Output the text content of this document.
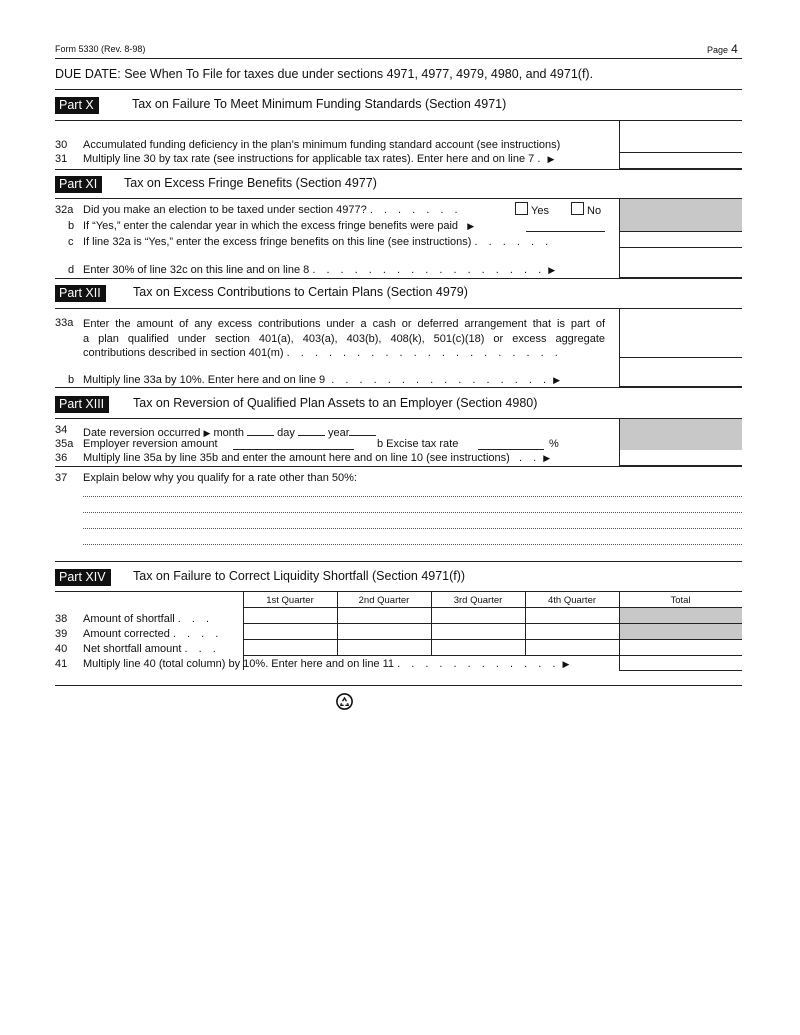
Form 5330 (Rev. 8-98)	Page 4
DUE DATE: See When To File for taxes due under sections 4971, 4977, 4979, 4980, and 4971(f).
Part X	Tax on Failure To Meet Minimum Funding Standards (Section 4971)
30 Accumulated funding deficiency in the plan’s minimum funding standard account (see instructions)
31 Multiply line 30 by tax rate (see instructions for applicable tax rates). Enter here and on line 7 . ▶
Part XI	Tax on Excess Fringe Benefits (Section 4977)
32a Did you make an election to be taxed under section 4977? . . . . . . .	Yes	No
b If “Yes,” enter the calendar year in which the excess fringe benefits were paid ▶
c If line 32a is “Yes,” enter the excess fringe benefits on this line (see instructions) . . . . . .
d Enter 30% of line 32c on this line and on line 8 . . . . . . . . . . . . . . . . . ▶
Part XII	Tax on Excess Contributions to Certain Plans (Section 4979)
33a Enter the amount of any excess contributions under a cash or deferred arrangement that is part of
a plan qualified under section 401(a), 403(a), 403(b), 408(k), 501(c)(18) or excess aggregate
contributions described in section 401(m) . . . . . . . . . . . . . . . . . . . .
b Multiply line 33a by 10%. Enter here and on line 9 . . . . . . . . . . . . . . . . ▶
Part XIII	Tax on Reversion of Qualified Plan Assets to an Employer (Section 4980)
34 Date reversion occurred ▶ month	day	year
35a Employer reversion amount	b Excise tax rate	%
36 Multiply line 35a by line 35b and enter the amount here and on line 10 (see instructions) . . ▶
37 Explain below why you qualify for a rate other than 50%:
Part XIV	Tax on Failure to Correct Liquidity Shortfall (Section 4971(f))
1st Quarter	2nd Quarter	3rd Quarter	4th Quarter	Total
38 Amount of shortfall . . .
39 Amount corrected . . . .
40 Net shortfall amount . . .
41 Multiply line 40 (total column) by 10%. Enter here and on line 11 . . . . . . . . . . . . ▶
